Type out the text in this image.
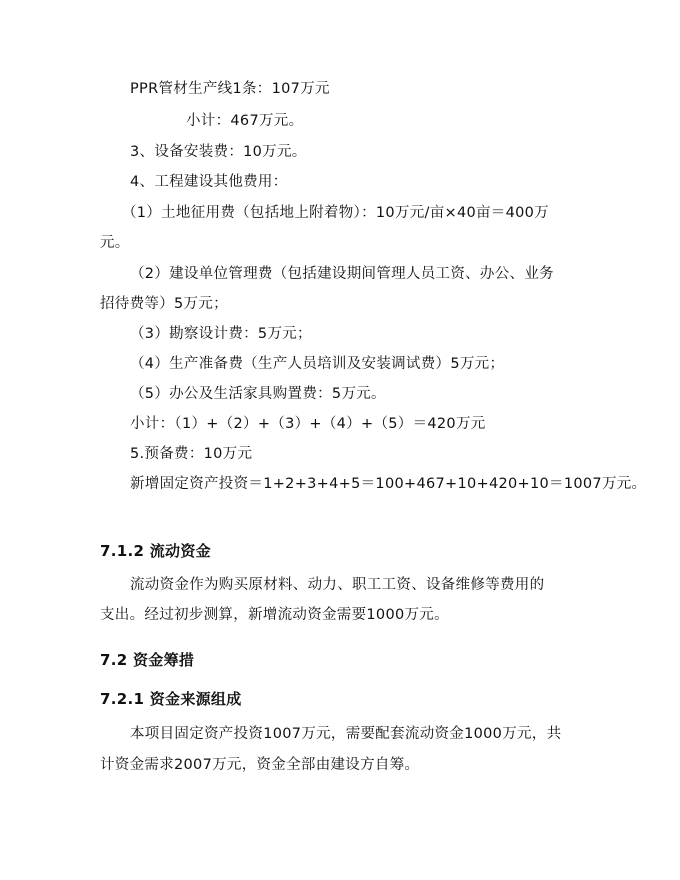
PPR管材生产线1条：107万元
小计：467万元。
3、设备安装费：10万元。
4、工程建设其他费用：
（1）土地征用费（包括地上附着物）：10万元/亩×40亩＝400万
元。
（2）建设单位管理费（包括建设期间管理人员工资、办公、业务
招待费等）5万元；
（3）勘察设计费：5万元；
（4）生产准备费（生产人员培训及安装调试费）5万元；
（5）办公及生活家具购置费：5万元。
小计：（1）+（2）+（3）+（4）+（5）＝420万元
5.预备费：10万元
新增固定资产投资＝1+2+3+4+5＝100+467+10+420+10＝1007万元。
7.1.2 流动资金
流动资金作为购买原材料、动力、职工工资、设备维修等费用的
支出。经过初步测算，新增流动资金需要1000万元。
7.2 资金筹措
7.2.1 资金来源组成
本项目固定资产投资1007万元，需要配套流动资金1000万元，共
计资金需求2007万元，资金全部由建设方自筹。
